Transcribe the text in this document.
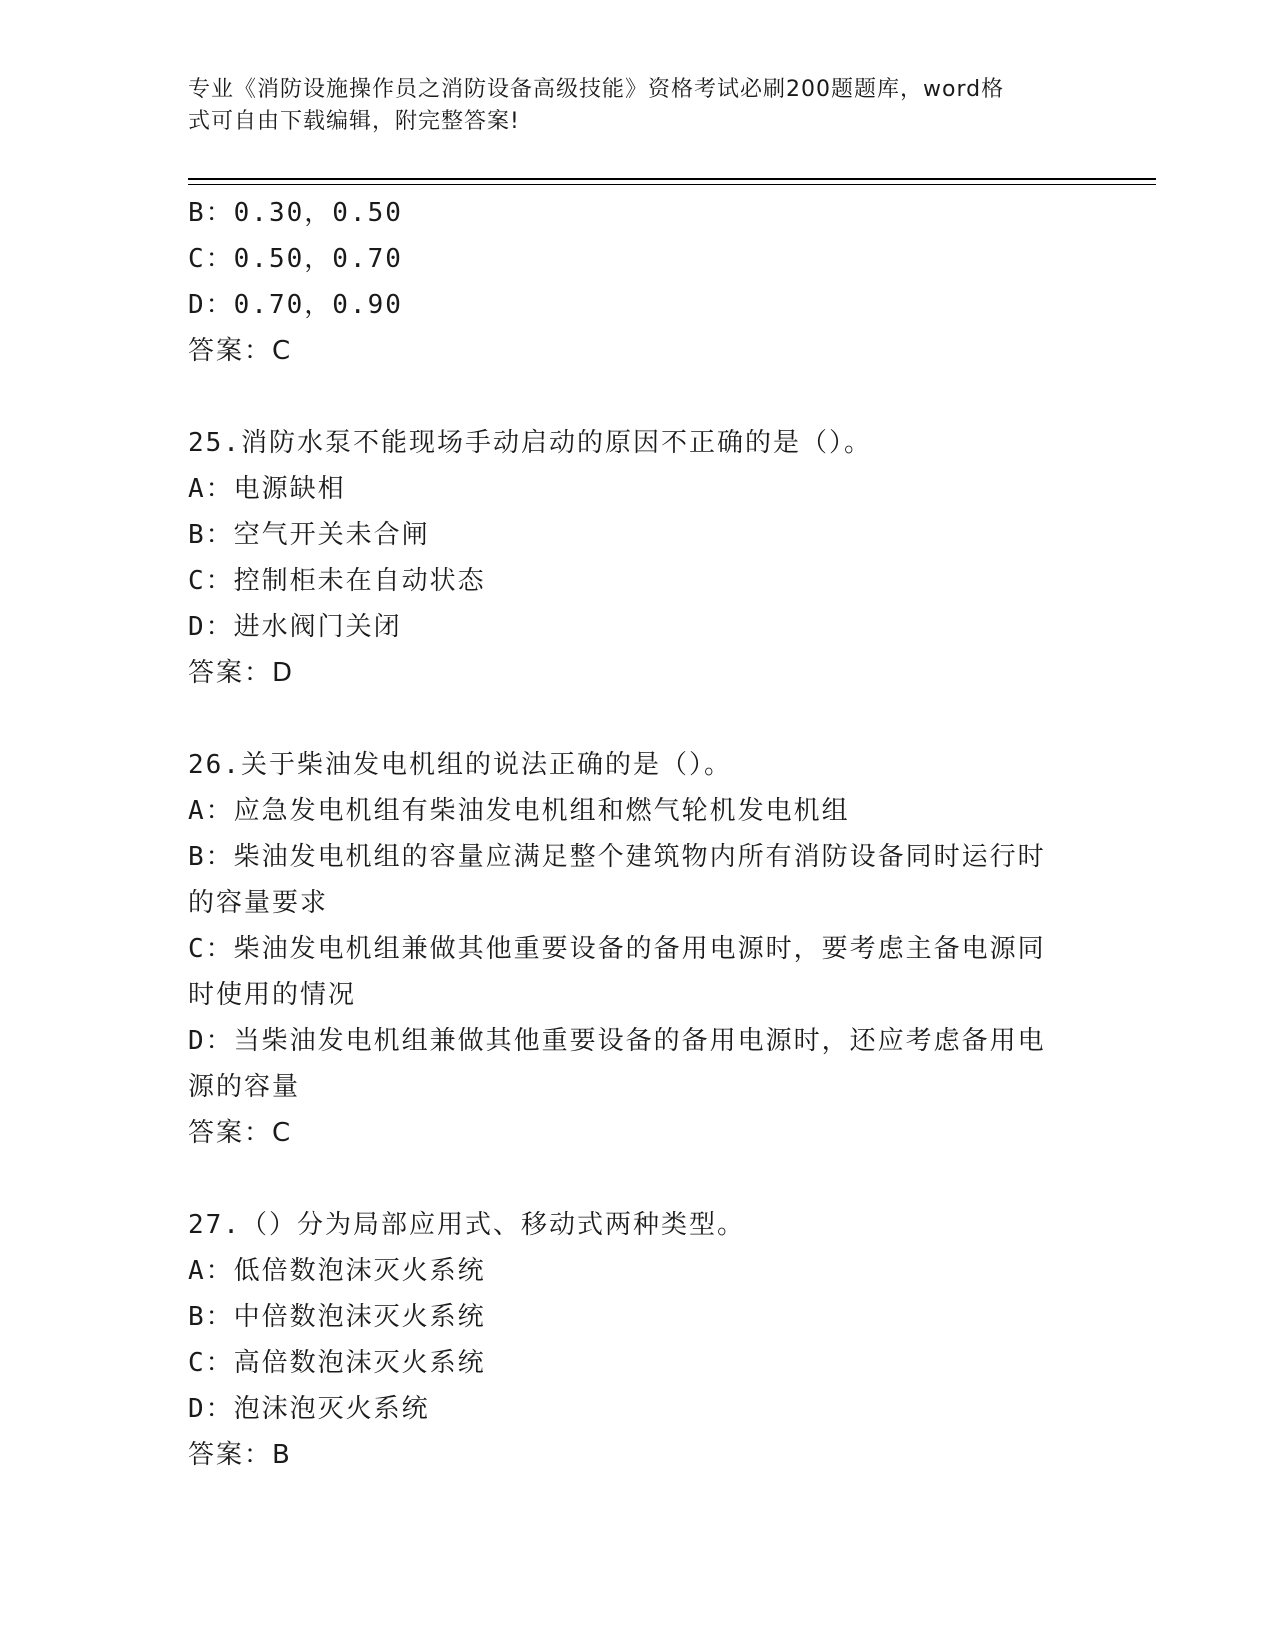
专业《消防设施操作员之消防设备高级技能》资格考试必刷200题题库，word格
式可自由下载编辑，附完整答案!

B：0.30，0.50

C：0.50，0.70

D：0.70，0.90

答案：C

25.消防水泵不能现场手动启动的原因不正确的是（）。

A：电源缺相

B：空气开关未合闸

C：控制柜未在自动状态

D：进水阀门关闭

答案：D

26.关于柴油发电机组的说法正确的是（）。

A：应急发电机组有柴油发电机组和燃气轮机发电机组

B：柴油发电机组的容量应满足整个建筑物内所有消防设备同时运行时

的容量要求

C：柴油发电机组兼做其他重要设备的备用电源时，要考虑主备电源同

时使用的情况

D：当柴油发电机组兼做其他重要设备的备用电源时，还应考虑备用电

源的容量

答案：C

27.（）分为局部应用式、移动式两种类型。

A：低倍数泡沫灭火系统

B：中倍数泡沫灭火系统

C：高倍数泡沫灭火系统

D：泡沫泡灭火系统

答案：B
